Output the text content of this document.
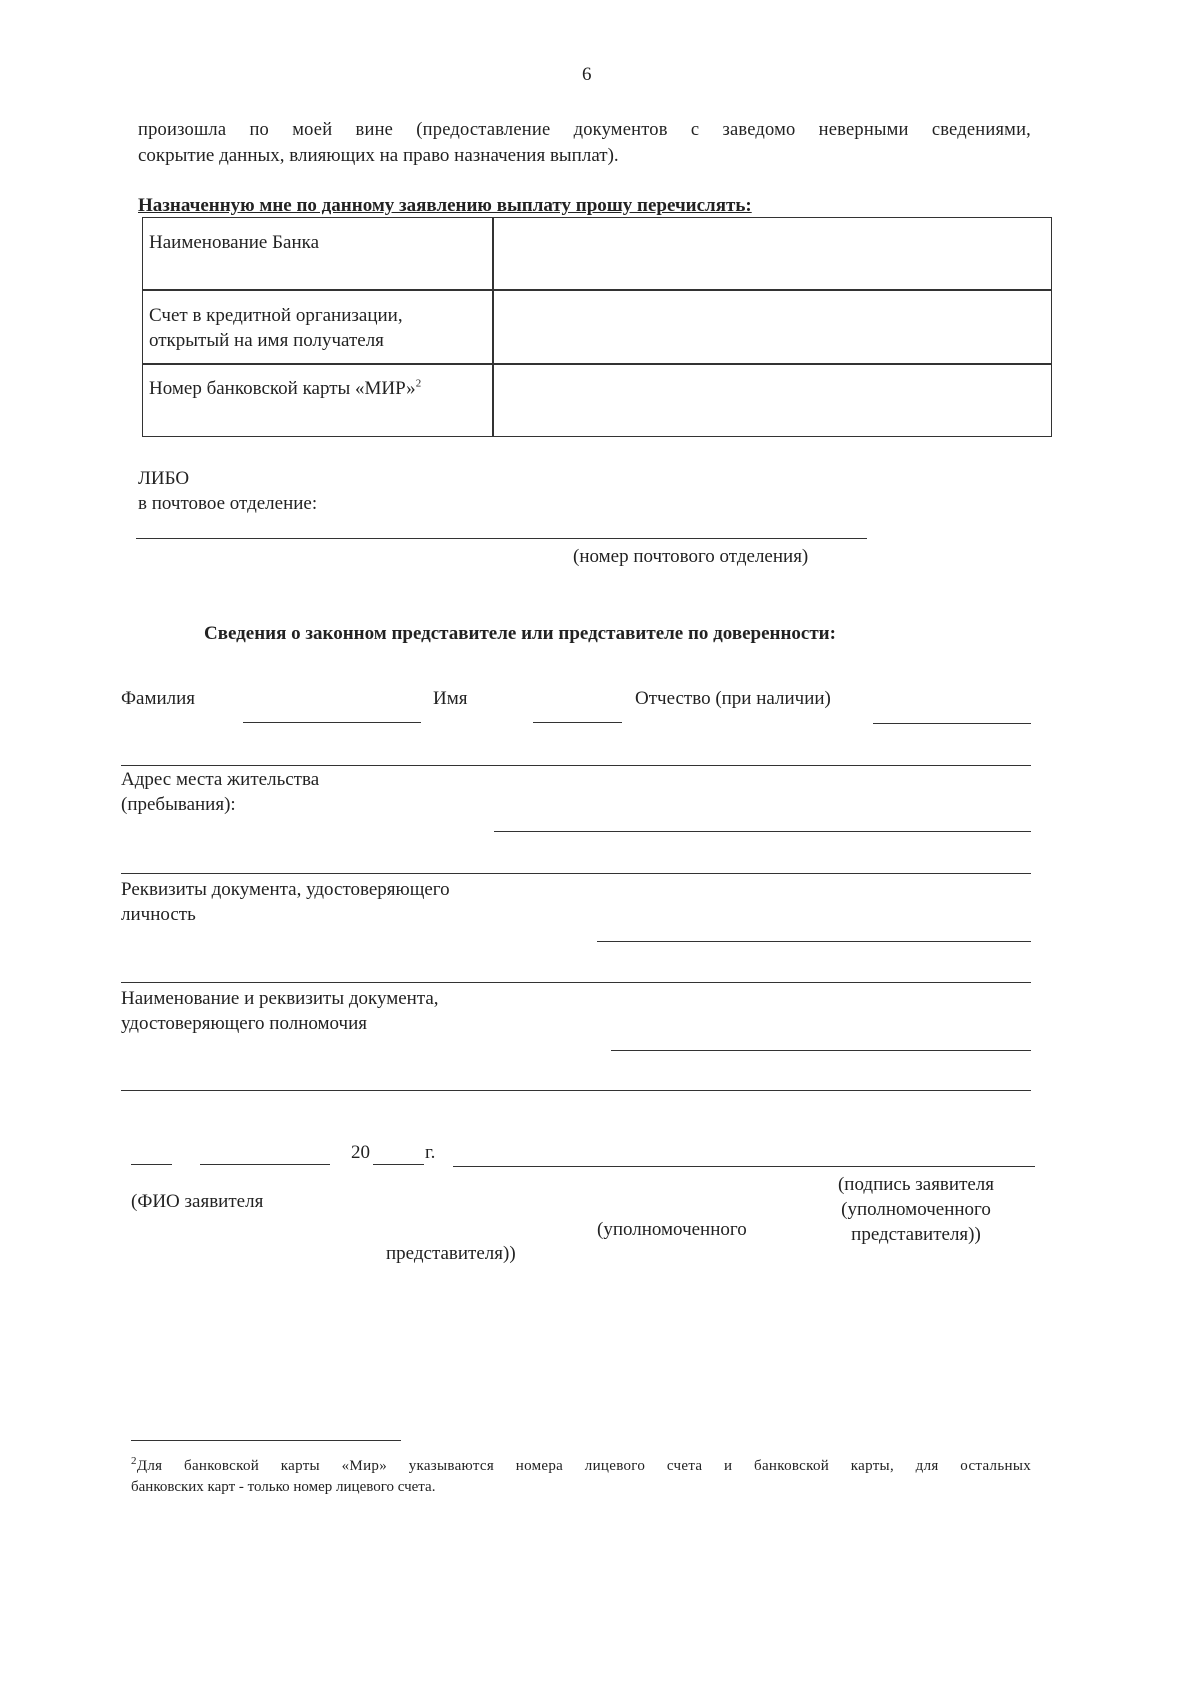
6
произошла по моей вине (предоставление документов с заведомо неверными сведениями,
сокрытие данных, влияющих на право назначения выплат).
Назначенную мне по данному заявлению выплату прошу перечислять:
Наименование Банка
Счет в кредитной организации,
открытый на имя получателя
Номер банковской карты «МИР»$^2$
ЛИБО
в почтовое отделение:
(номер почтового отделения)
Сведения о законном представителе или представителе по доверенности:
Фамилия	Имя	Отчество (при наличии)
Адрес места жительства
(пребывания):
Реквизиты документа, удостоверяющего
личность
Наименование и реквизиты документа,
удостоверяющего полномочия
20	г.
(ФИО заявителя
представителя))
(уполномоченного
(подпись заявителя
(уполномоченного
представителя))
$^2$Для банковской карты «Мир» указываются номера лицевого счета и банковской карты, для остальных
банковских карт - только номер лицевого счета.
